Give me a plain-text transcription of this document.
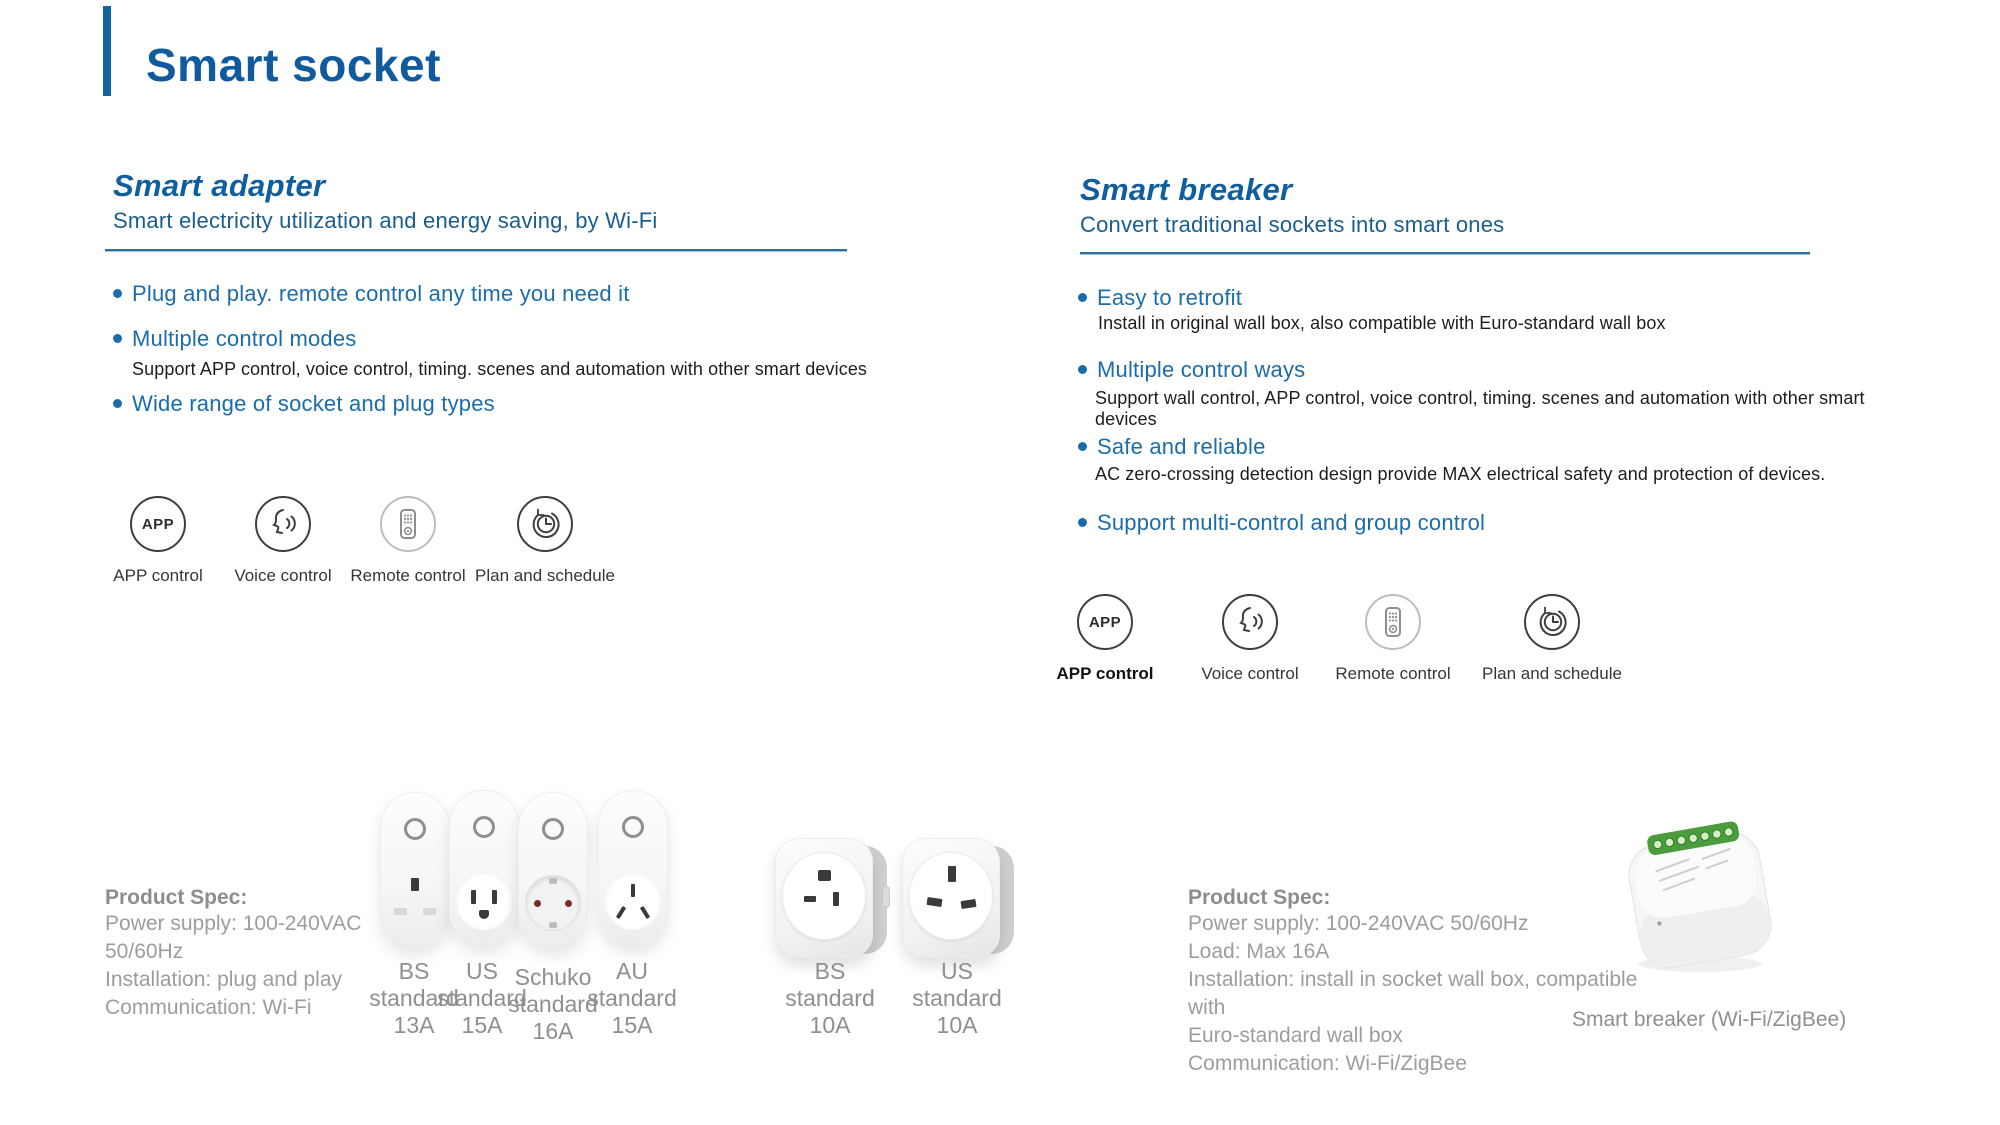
Smart socket
Smart adapter
Smart electricity utilization and energy saving, by Wi-Fi
Plug and play. remote control any time you need it
Multiple control modes
Support APP control, voice control, timing. scenes and automation with other smart devices
Wide range of socket and plug types
APP
APP control Voice control Remote control Plan and schedule
Product Spec:
Power supply: 100-240VAC
50/60Hz
Installation: plug and play
Communication: Wi-Fi
BS
standard
13A
US
standard
15A
Schuko
standard
16A
AU
standard
15A
BS
standard
10A
US
standard
10A
Smart breaker
Convert traditional sockets into smart ones
Easy to retrofit
Install in original wall box, also compatible with Euro-standard wall box
Multiple control ways
Support wall control, APP control, voice control, timing. scenes and automation with other smart devices
Safe and reliable
AC zero-crossing detection design provide MAX electrical safety and protection of devices.
Support multi-control and group control
APP
APP control	Voice control Remote control Plan and schedule
Product Spec:
Power supply: 100-240VAC 50/60Hz
Load: Max 16A
Installation: install in socket wall box, compatible with
Euro-standard wall box
Communication: Wi-Fi/ZigBee
Smart breaker (Wi-Fi/ZigBee)
